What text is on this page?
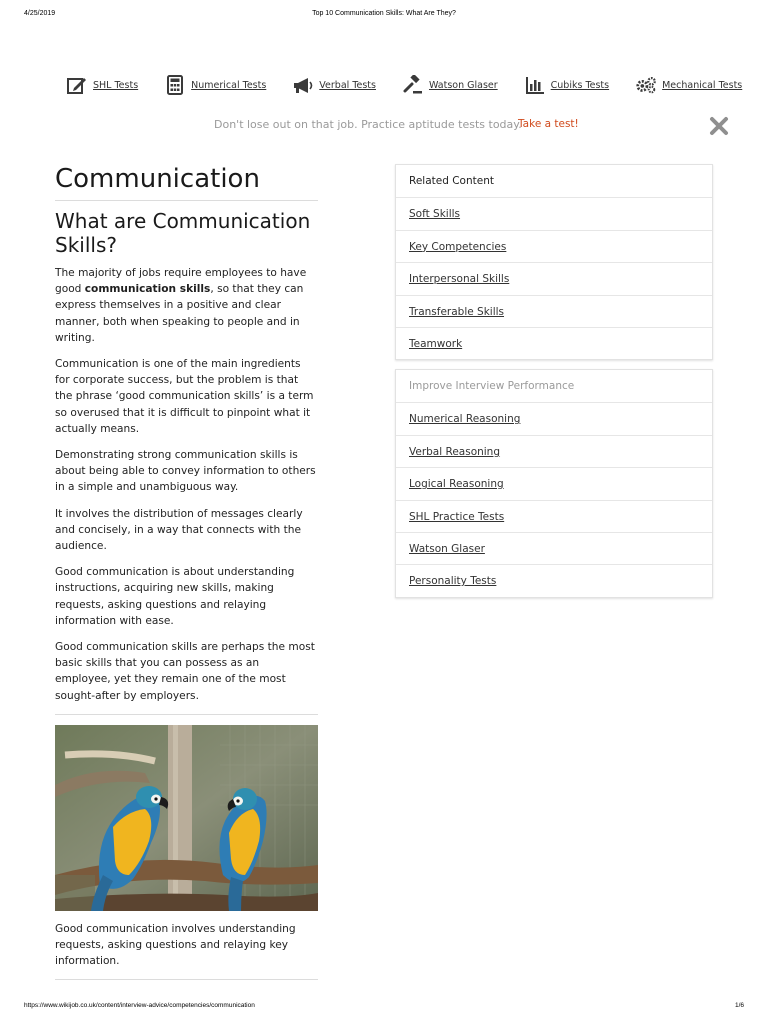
4/25/2019	Top 10 Communication Skills: What Are They?
SHL Tests	Numerical Tests	Verbal Tests	Watson Glaser	Cubiks Tests	Mechanical Tests
Don't lose out on that job. Practice aptitude tests today.
Take a test!
Communication
What are Communication Skills?

The majority of jobs require employees to have good communication skills, so that they can express themselves in a positive and clear manner, both when speaking to people and in writing.

Communication is one of the main ingredients for corporate success, but the problem is that the phrase ‘good communication skills’ is a term so overused that it is difficult to pinpoint what it actually means.

Demonstrating strong communication skills is about being able to convey information to others in a simple and unambiguous way.

It involves the distribution of messages clearly and concisely, in a way that connects with the audience.

Good communication is about understanding instructions, acquiring new skills, making requests, asking questions and relaying information with ease.

Good communication skills are perhaps the most basic skills that you can possess as an employee, yet they remain one of the most sought-after by employers.

Good communication involves understanding requests, asking questions and relaying key information.

Related Content
Soft Skills
Key Competencies
Interpersonal Skills
Transferable Skills
Teamwork
Improve Interview Performance
Numerical Reasoning
Verbal Reasoning
Logical Reasoning
SHL Practice Tests
Watson Glaser
Personality Tests
https://www.wikijob.co.uk/content/interview-advice/competencies/communication	1/6
